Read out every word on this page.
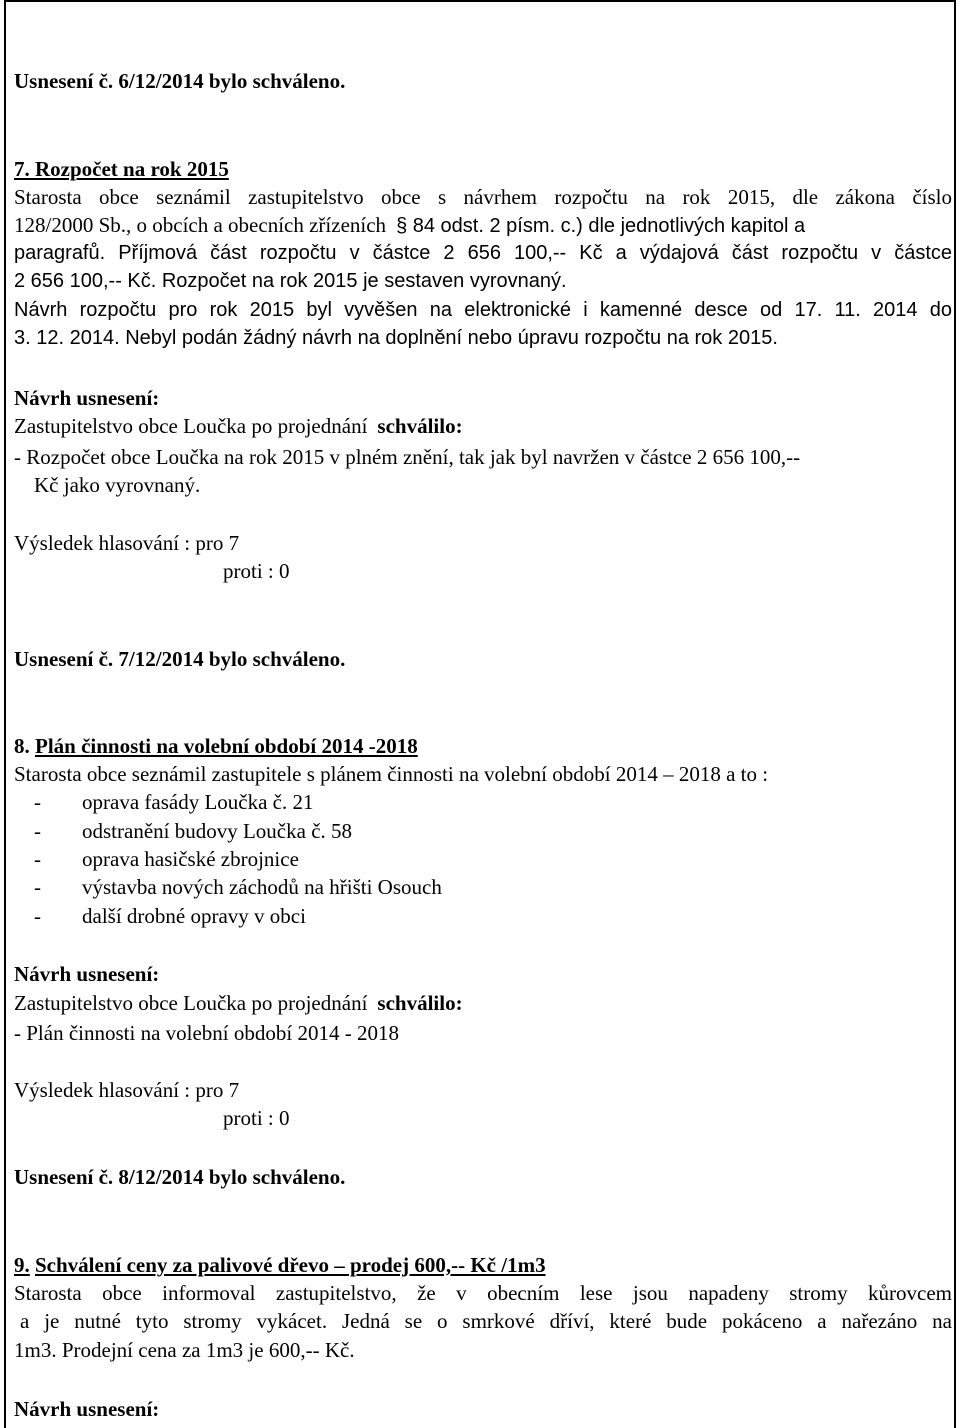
Usnesení č. 6/12/2014 bylo schváleno.
7. Rozpočet na rok 2015
Starosta obce seznámil zastupitelstvo obce s návrhem rozpočtu na rok 2015, dle zákona číslo
128/2000 Sb., o obcích a obecních zřízeních § 84 odst. 2 písm. c.) dle jednotlivých kapitol a
paragrafů. Příjmová část rozpočtu v částce 2 656 100,-- Kč a výdajová část rozpočtu v částce
2 656 100,-- Kč. Rozpočet na rok 2015 je sestaven vyrovnaný.
Návrh rozpočtu pro rok 2015 byl vyvěšen na elektronické i kamenné desce od 17. 11. 2014 do
3. 12. 2014. Nebyl podán žádný návrh na doplnění nebo úpravu rozpočtu na rok 2015.
Návrh usnesení:
Zastupitelstvo obce Loučka po projednání schválilo:
- Rozpočet obce Loučka na rok 2015 v plném znění, tak jak byl navržen v částce 2 656 100,--
Kč jako vyrovnaný.
Výsledek hlasování : pro 7
proti : 0
Usnesení č. 7/12/2014 bylo schváleno.
8. Plán činnosti na volební období 2014 -2018
Starosta obce seznámil zastupitele s plánem činnosti na volební období 2014 – 2018 a to :
- oprava fasády Loučka č. 21
- odstranění budovy Loučka č. 58
- oprava hasičské zbrojnice
- výstavba nových záchodů na hřišti Osouch
- další drobné opravy v obci
Návrh usnesení:
Zastupitelstvo obce Loučka po projednání schválilo:
- Plán činnosti na volební období 2014 - 2018
Výsledek hlasování : pro 7
proti : 0
Usnesení č. 8/12/2014 bylo schváleno.
9. Schválení ceny za palivové dřevo – prodej 600,-- Kč /1m3
Starosta obce informoval zastupitelstvo, že v obecním lese jsou napadeny stromy kůrovcem
a je nutné tyto stromy vykácet. Jedná se o smrkové dříví, které bude pokáceno a nařezáno na
1m3. Prodejní cena za 1m3 je 600,-- Kč.
Návrh usnesení:
